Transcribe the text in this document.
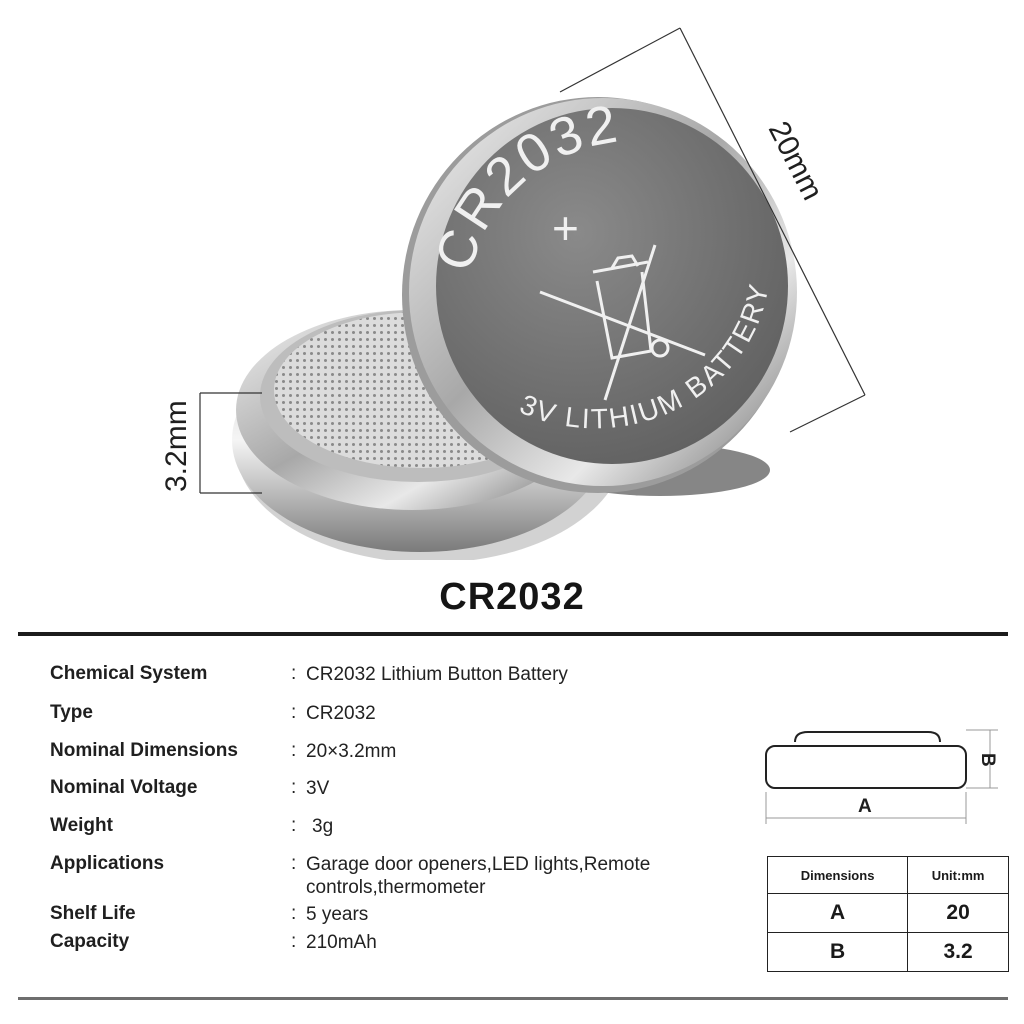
CR2032
+
3V LITHIUM BATTERY
20mm
3.2mm
CR2032
Chemical System	: CR2032 Lithium Button Battery
Type	: CR2032
Nominal Dimensions	: 20×3.2mm
Nominal Voltage	: 3V
Weight	: 3g
Applications	: Garage door openers,LED lights,Remote controls,thermometer
Shelf Life	: 5 years
Capacity	: 210mAh
A
B
Dimensions	Unit:mm
A	20
B	3.2
